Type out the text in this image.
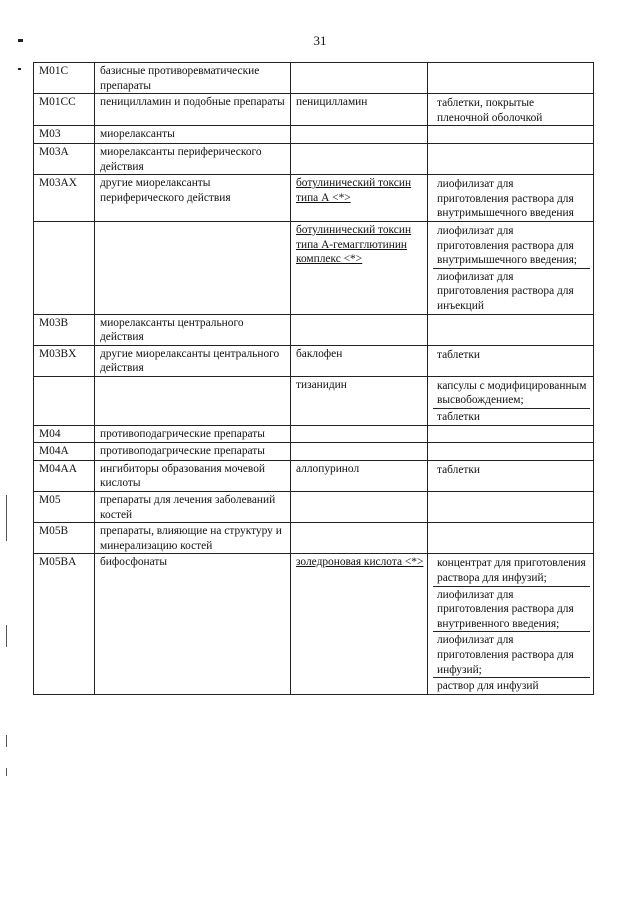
31
M01C	базисные противоревматические препараты		

M01CC	пеницилламин и подобные препараты	пеницилламин	таблетки, покрытые пленочной оболочкой

M03	миорелаксанты		

M03A	миорелаксанты периферического действия		

M03AX	другие миорелаксанты периферического действия	ботулинический токсин типа А <*>	лиофилизат для приготовления раствора для внутримышечного введения

		ботулинический токсин типа А-гемагглютинин комплекс <*>	лиофилизат для приготовления раствора для внутримышечного введения;
лиофилизат для приготовления раствора для инъекций

M03B	миорелаксанты центрального действия		

M03BX	другие миорелаксанты центрального действия	баклофен	таблетки

		тизанидин	капсулы с модифицированным высвобождением;
таблетки

M04	противоподагрические препараты		

M04A	противоподагрические препараты		

M04AA	ингибиторы образования мочевой кислоты	аллопуринол	таблетки

M05	препараты для лечения заболеваний костей		

M05B	препараты, влияющие на структуру и минерализацию костей		

M05BA	бифосфонаты	золедроновая кислота <*>	концентрат для приготовления раствора для инфузий;
лиофилизат для приготовления раствора для внутривенного введения;
лиофилизат для приготовления раствора для инфузий;
раствор для инфузий
